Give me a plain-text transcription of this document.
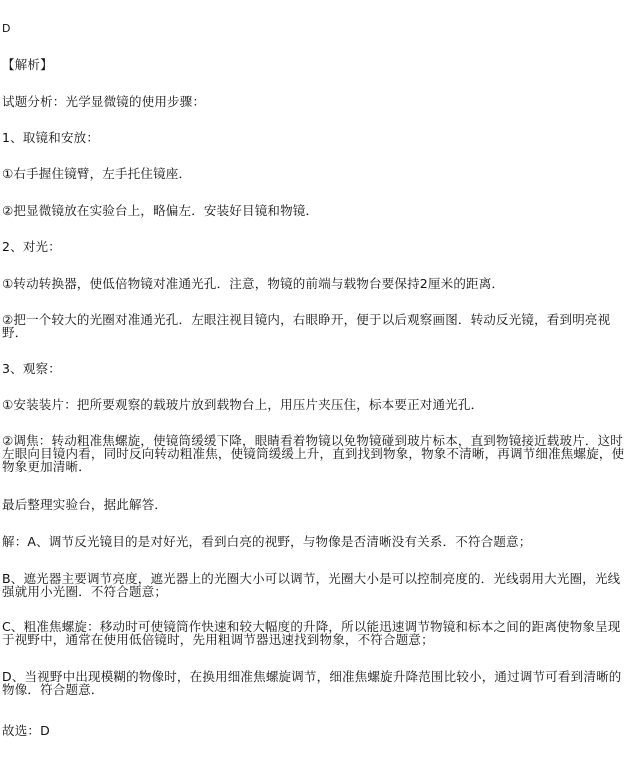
D
【解析】
试题分析：光学显微镜的使用步骤：
1、取镜和安放：
①右手握住镜臂，左手托住镜座．
②把显微镜放在实验台上，略偏左．安装好目镜和物镜．
2、对光：
①转动转换器，使低倍物镜对准通光孔．注意，物镜的前端与载物台要保持2厘米的距离．
②把一个较大的光圈对准通光孔．左眼注视目镜内，右眼睁开，便于以后观察画图．转动反光镜，看到明亮视野．
3、观察：
①安装装片：把所要观察的载玻片放到载物台上，用压片夹压住，标本要正对通光孔．
②调焦：转动粗准焦螺旋，使镜筒缓缓下降，眼睛看着物镜以免物镜碰到玻片标本，直到物镜接近载玻片．这时左眼向目镜内看，同时反向转动粗准焦，使镜筒缓缓上升，直到找到物象，物象不清晰，再调节细准焦螺旋，使物象更加清晰．
最后整理实验台，据此解答．
解：A、调节反光镜目的是对好光，看到白亮的视野，与物像是否清晰没有关系．不符合题意；
B、遮光器主要调节亮度，遮光器上的光圈大小可以调节，光圈大小是可以控制亮度的．光线弱用大光圈，光线强就用小光圈．不符合题意；
C、粗准焦螺旋：移动时可使镜筒作快速和较大幅度的升降，所以能迅速调节物镜和标本之间的距离使物象呈现于视野中，通常在使用低倍镜时，先用粗调节器迅速找到物象，不符合题意；
D、当视野中出现模糊的物像时，在换用细准焦螺旋调节，细准焦螺旋升降范围比较小，通过调节可看到清晰的物像．符合题意．
故选：D
